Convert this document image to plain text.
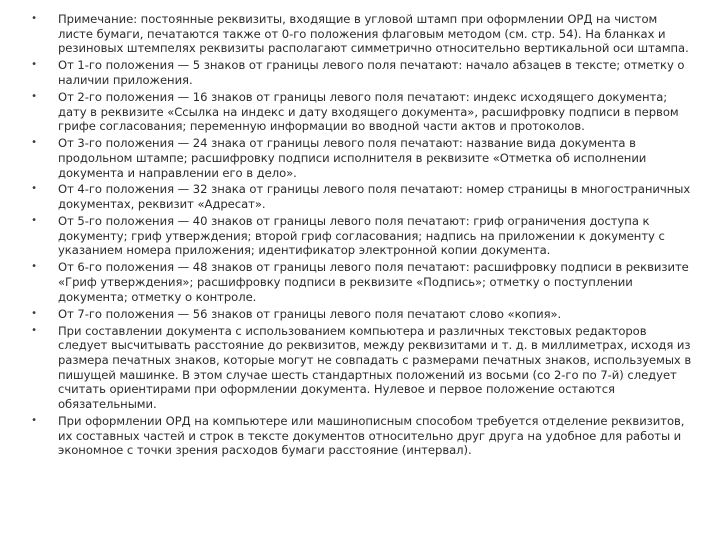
• Примечание: постоянные реквизиты, входящие в угловой штамп при оформлении ОРД на чистом листе бумаги, печатаются также от 0-го положения флаговым методом (см. стр. 54). На бланках и резиновых штемпелях реквизиты располагают симметрично относительно вертикальной оси штампа.
• От 1-го положения — 5 знаков от границы левого поля печатают: начало абзацев в тексте; отметку о наличии приложения.
• От 2-го положения — 16 знаков от границы левого поля печатают: индекс исходящего документа; дату в реквизите «Ссылка на индекс и дату входящего документа», расшифровку подписи в первом грифе согласования; переменную информации во вводной части актов и протоколов.
• От 3-го положения — 24 знака от границы левого поля печатают: название вида документа в продольном штампе; расшифровку подписи исполнителя в реквизите «Отметка об исполнении документа и направлении его в дело».
• От 4-го положения — 32 знака от границы левого поля печатают: номер страницы в многостраничных документах, реквизит «Адресат».
• От 5-го положения — 40 знаков от границы левого поля печатают: гриф ограничения доступа к документу; гриф утверждения; второй гриф согласования; надпись на приложении к документу с указанием номера приложения; идентификатор электронной копии документа.
• От 6-го положения — 48 знаков от границы левого поля печатают: расшифровку подписи в реквизите «Гриф утверждения»; расшифровку подписи в реквизите «Подпись»; отметку о поступлении документа; отметку о контроле.
• От 7-го положения — 56 знаков от границы левого поля печатают слово «копия».
• При составлении документа с использованием компьютера и различных текстовых редакторов следует высчитывать расстояние до реквизитов, между реквизитами и т. д. в миллиметрах, исходя из размера печатных знаков, которые могут не совпадать с размерами печатных знаков, используемых в пишущей машинке. В этом случае шесть стандартных положений из восьми (со 2-го по 7-й) следует считать ориентирами при оформлении документа. Нулевое и первое положение остаются обязательными.
• При оформлении ОРД на компьютере или машинописным способом требуется отделение реквизитов, их составных частей и строк в тексте документов относительно друг друга на удобное для работы и экономное с точки зрения расходов бумаги расстояние (интервал).
